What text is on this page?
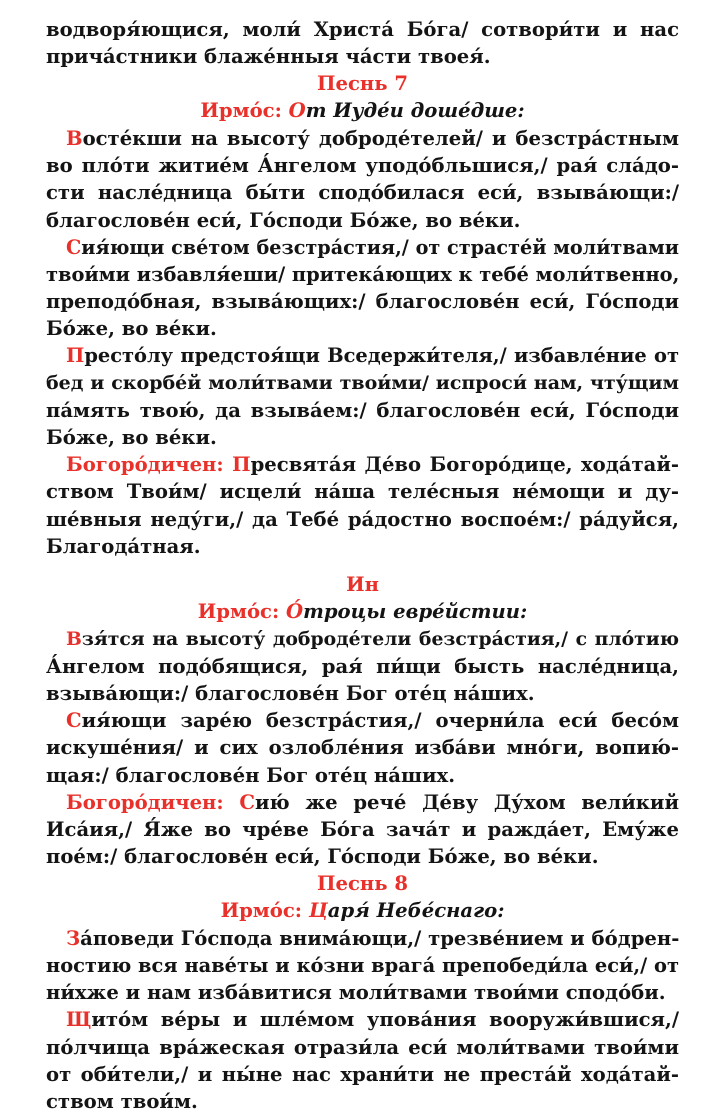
водворя́ющися, моли́ Христа́ Бо́га/ сотвори́ти и нас
прича́стники блаже́нныя ча́сти твоея́.
Песнь 7
Ирмо́с: От Иуде́и доше́дше:
Восте́кши на высоту́ доброде́телей/ и безстра́стным
во пло́ти житие́м А́нгелом уподо́бльшися,/ рая́ сла́до-
сти насле́дница бы́ти сподо́билася еси́, взыва́ющи:/
благослове́н еси́, Го́споди Бо́же, во ве́ки.
Сия́ющи све́том безстра́стия,/ от страсте́й моли́твами
твои́ми избавля́еши/ притека́ющих к тебе́ моли́твенно,
преподо́бная, взыва́ющих:/ благослове́н еси́, Го́споди
Бо́же, во ве́ки.
Престо́лу предстоя́щи Вседержи́теля,/ избавле́ние от
бед и скорбе́й моли́твами твои́ми/ испроси́ нам, чту́щим
па́мять твою́, да взыва́ем:/ благослове́н еси́, Го́споди
Бо́же, во ве́ки.
Богоро́дичен: Пресвята́я Де́во Богоро́дице, хода́тай-
ством Твои́м/ исцели́ на́ша теле́сныя не́мощи и ду-
ше́вныя неду́ги,/ да Тебе́ ра́достно воспое́м:/ ра́дуйся,
Благода́тная.
Ин
Ирмо́с: О́троцы евре́йстии:
Взя́тся на высоту́ доброде́тели безстра́стия,/ с пло́тию
А́нгелом подо́бящися, рая́ пи́щи бысть насле́дница,
взыва́ющи:/ благослове́н Бог оте́ц на́ших.
Сия́ющи заре́ю безстра́стия,/ очерни́ла еси́ бесо́м
искуше́ния/ и сих озлобле́ния изба́ви мно́ги, вопию́-
щая:/ благослове́н Бог оте́ц на́ших.
Богоро́дичен: Сию́ же рече́ Де́ву Ду́хом вели́кий
Иса́ия,/ Я́же во чре́ве Бо́га зача́т и ражда́ет, Ему́же
пое́м:/ благослове́н еси́, Го́споди Бо́же, во ве́ки.
Песнь 8
Ирмо́с: Царя́ Небе́снаго:
За́поведи Го́спода внима́ющи,/ трезве́нием и бо́дрен-
ностию вся наве́ты и ко́зни врага́ препобеди́ла еси́,/ от
ни́хже и нам изба́витися моли́твами твои́ми сподо́би.
Щито́м ве́ры и шле́мом упова́ния вооружи́вшися,/
по́лчища вра́жеская отрази́ла еси́ моли́твами твои́ми
от оби́тели,/ и ны́не нас храни́ти не преста́й хода́тай-
ством твои́м.
